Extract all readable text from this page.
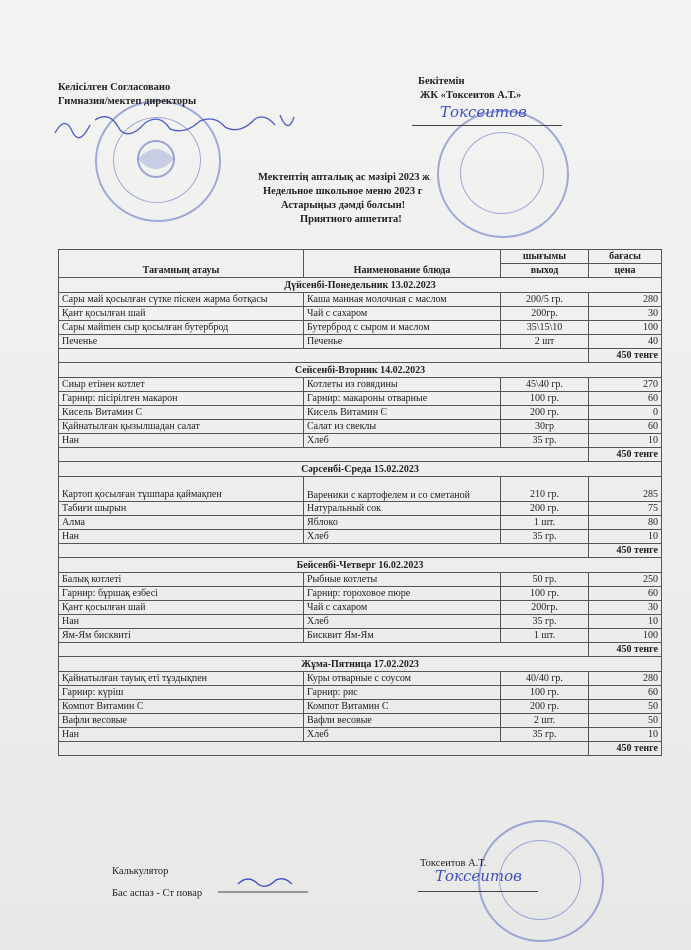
Келісілген Согласовано
Гимназия/мектеп директоры
Бекітемін
ЖК «Токсеитов А.Т.»
Токсеитов
Мектептің апталық ас мәзірі 2023 ж
Недельное школьное меню 2023 г
Астарыңыз дәмді болсын!
Приятного аппетита!
Тағамның атауы	Наименование блюда	шығымы	бағасы
		выход	цена
Дүйсенбі-Понедельник 13.02.2023			
Сары май қосылған сүтке піскен жарма ботқасы	Каша манная молочная с маслом	200/5 гр.	280
Қант қосылған шай	Чай с сахаром	200гр.	30
Сары майmен сыр қосылған бутерброд	Бутерброд с сыром и маслом	35\15\10	100
Печенье	Печенье	2 шт	40
			450 тенге
Сейсенбі-Вторник 14.02.2023			
Сиыр етінен котлет	Котлеты из говядины	45\40 гр.	270
Гарнир: пісірілген макарон	Гарнир: макароны отварные	100 гр.	60
Кисель Витамин С	Кисель Витамин С	200 гр.	0
Қайнатылған қызылшадан салат	Салат из свеклы	30гр	60
Нан	Хлеб	35 гр.	10
			450 тенге
Сәрсенбі-Среда 15.02.2023			
Картоп қосылған тұшпара қаймақпен	Вареники с картофелем и со сметаной	210 гр.	285
Табиғи шырын	Натуральный сок	200 гр.	75
Алма	Яблоко	1 шт.	80
Нан	Хлеб	35 гр.	10
			450 тенге
Бейсенбі-Четверг 16.02.2023			
Балық котлеті	Рыбные котлеты	50 гр.	250
Гарнир: бұршақ езбесі	Гарнир: гороховое пюре	100 гр.	60
Қант қосылған шай	Чай с сахаром	200гр.	30
Нан	Хлеб	35 гр.	10
Ям-Ям бисквиті	Бисквит Ям-Ям	1 шт.	100
			450 тенге
Жұма-Пятница 17.02.2023			
Қайнатылған тауық еті тұздықпен	Куры отварные с соусом	40/40 гр.	280
Гарнир: күріш	Гарнир: рис	100 гр.	60
Компот Витамин С	Компот Витамин С	200 гр.	50
Вафли весовые	Вафли весовые	2 шт.	50
Нан	Хлеб	35 гр.	10
			450 тенге
Калькулятор
Бас аспаз - Ст повар
Токсеитов А.Т.
Токсеитов
